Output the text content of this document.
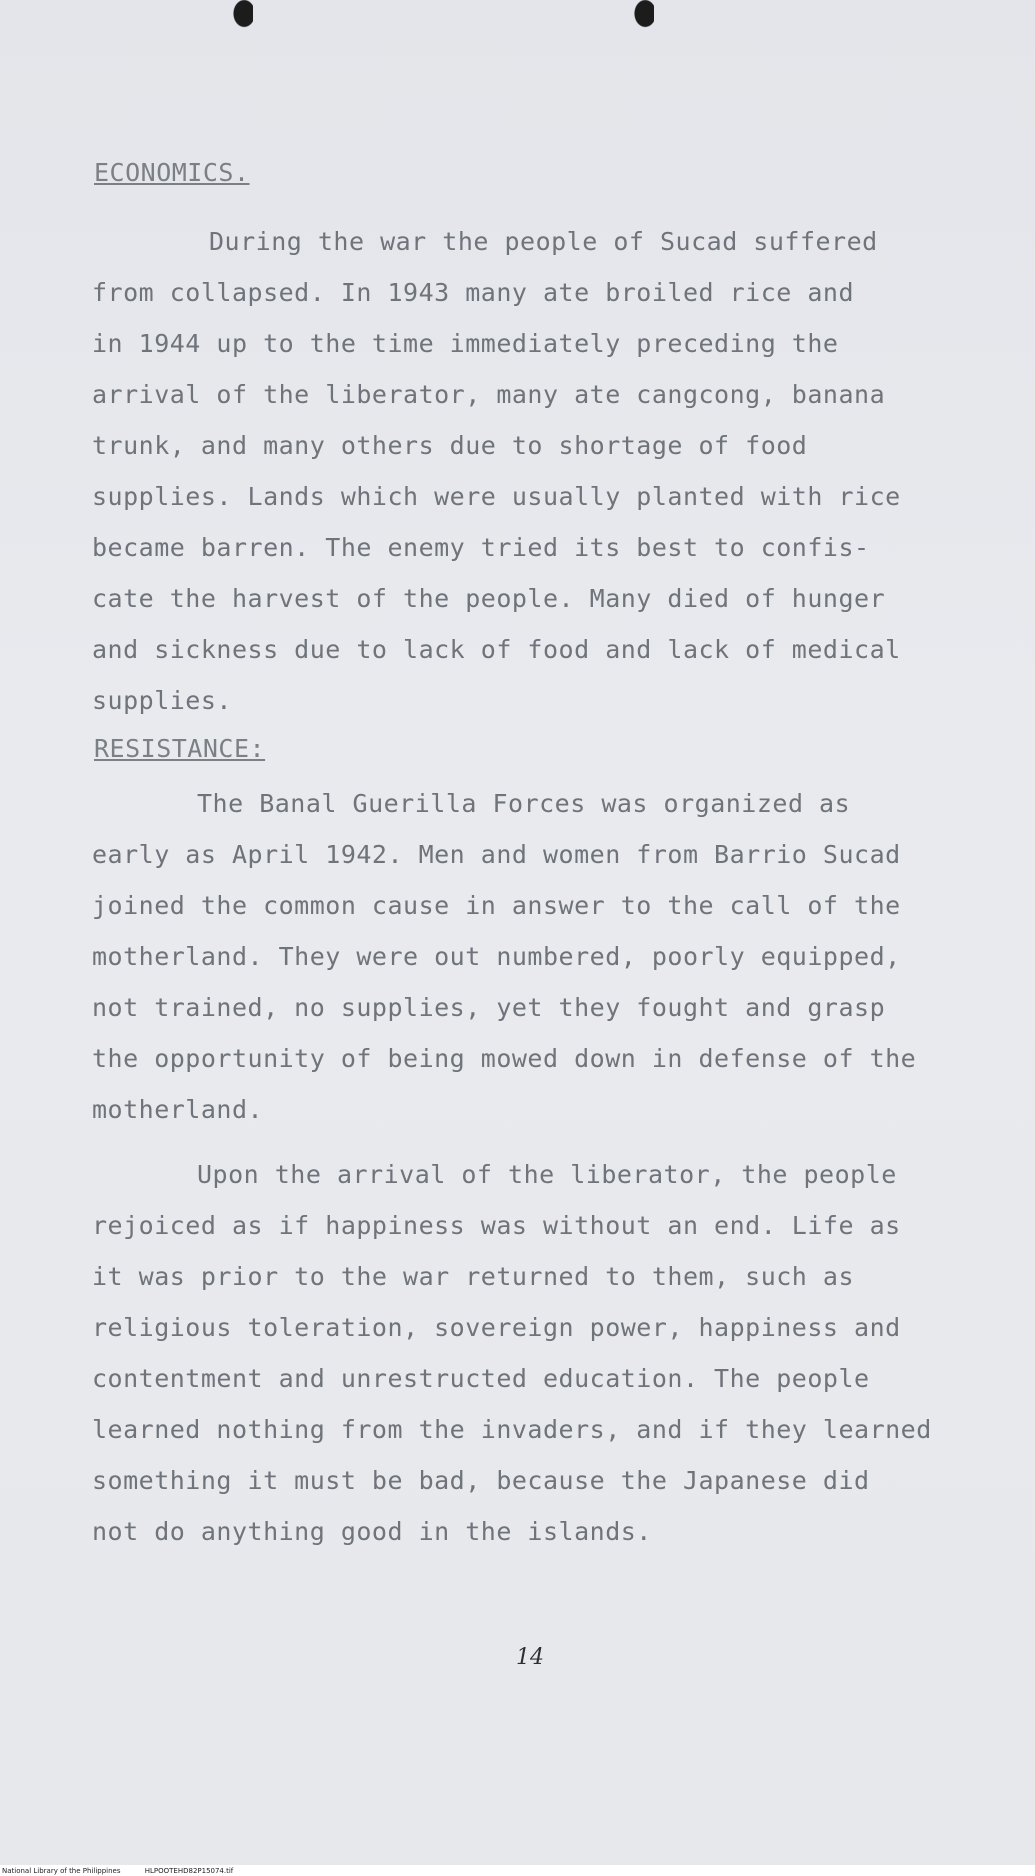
ECONOMICS.
During the war the people of Sucad suffered
from collapsed. In 1943 many ate broiled rice and
in 1944 up to the time immediately preceding the
arrival of the liberator, many ate cangcong, banana
trunk, and many others due to shortage of food
supplies. Lands which were usually planted with rice
became barren. The enemy tried its best to confis-
cate the harvest of the people. Many died of hunger
and sickness due to lack of food and lack of medical
supplies.
RESISTANCE:
The Banal Guerilla Forces was organized as
early as April 1942. Men and women from Barrio Sucad
joined the common cause in answer to the call of the
motherland. They were out numbered, poorly equipped,
not trained, no supplies, yet they fought and grasp
the opportunity of being mowed down in defense of the
motherland.
Upon the arrival of the liberator, the people
rejoiced as if happiness was without an end. Life as
it was prior to the war returned to them, such as
religious toleration, sovereign power, happiness and
contentment and unrestructed education. The people
learned nothing from the invaders, and if they learned
something it must be bad, because the Japanese did
not do anything good in the islands.
14
National Library of the Philippines	HLPOOTEHD82P15074.tif
